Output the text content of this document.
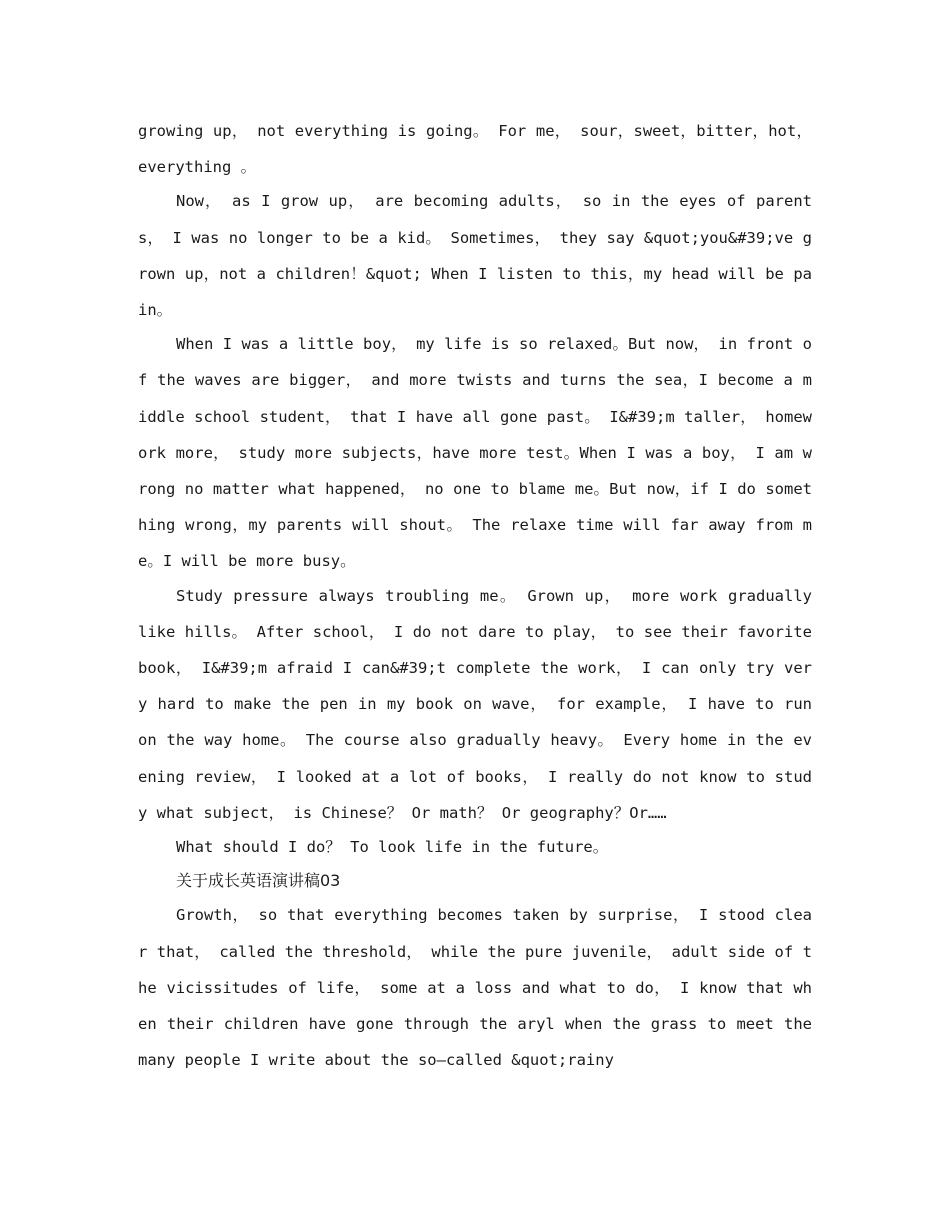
growing up， not everything is going。 For me， sour，sweet，bitter，hot，everything 。

Now， as I grow up， are becoming adults， so in the eyes of parents， I was no longer to be a kid。 Sometimes， they say &quot;you&#39;ve grown up，not a children！&quot; When I listen to this，my head will be pain。

When I was a little boy， my life is so relaxed。But now， in front of the waves are bigger， and more twists and turns the sea，I become a middle school student， that I have all gone past。 I&#39;m taller， homework more， study more subjects，have more test。When I was a boy， I am wrong no matter what happened， no one to blame me。But now，if I do something wrong，my parents will shout。 The relaxe time will far away from me。I will be more busy。

Study pressure always troubling me。 Grown up， more work gradually like hills。 After school， I do not dare to play， to see their favorite book， I&#39;m afraid I can&#39;t complete the work， I can only try very hard to make the pen in my book on wave， for example， I have to run on the way home。 The course also gradually heavy。 Every home in the evening review， I looked at a lot of books， I really do not know to study what subject， is Chinese？ Or math？ Or geography？Or……

What should I do？ To look life in the future。

关于成长英语演讲稿03

Growth， so that everything becomes taken by surprise， I stood clear that， called the threshold， while the pure juvenile， adult side of the vicissitudes of life， some at a loss and what to do， I know that when their children have gone through the aryl when the grass to meet the many people I write about the so—called &quot;rainy
